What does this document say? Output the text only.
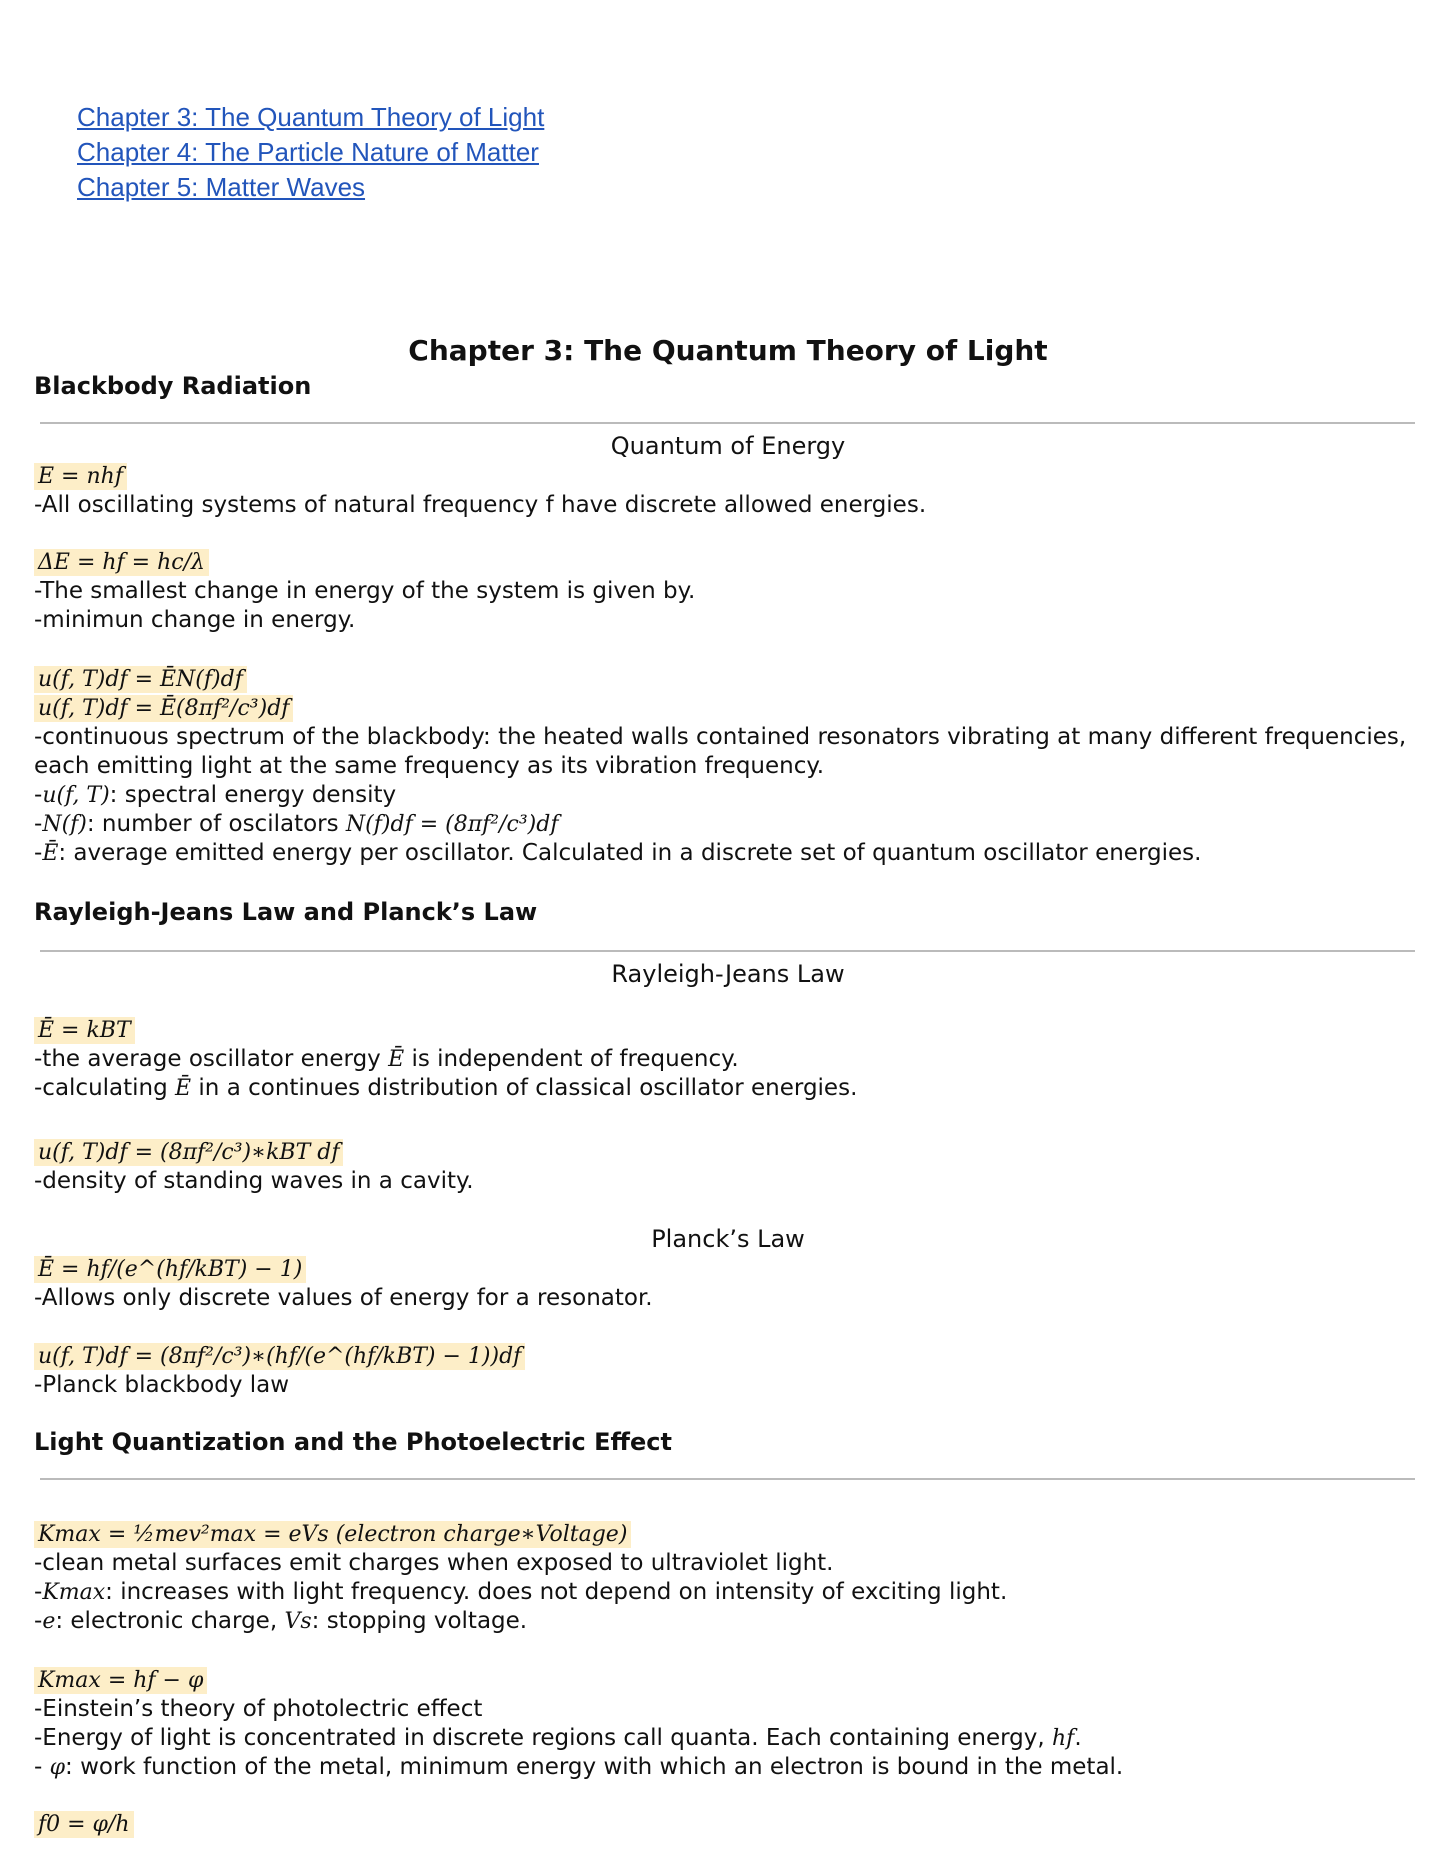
Chapter 3: The Quantum Theory of Light
Chapter 4: The Particle Nature of Matter
Chapter 5: Matter Waves
Chapter 3: The Quantum Theory of Light
Blackbody Radiation
Quantum of Energy
E = nhf
-All oscillating systems of natural frequency f have discrete allowed energies.
ΔE = hf = hc/λ
-The smallest change in energy of the system is given by.
-minimun change in energy.
u(f, T)df = ĒN(f)df
u(f, T)df = Ē(8πf²/c³)df
-continuous spectrum of the blackbody: the heated walls contained resonators vibrating at many different frequencies, each emitting light at the same frequency as its vibration frequency.
-u(f, T): spectral energy density
-N(f): number of oscilators N(f)df = (8πf²/c³)df
-Ē: average emitted energy per oscillator. Calculated in a discrete set of quantum oscillator energies.
Rayleigh-Jeans Law and Planck’s Law
Rayleigh-Jeans Law
Ē = kBT
-the average oscillator energy Ē is independent of frequency.
-calculating Ē in a continues distribution of classical oscillator energies.
u(f, T)df = (8πf²/c³)∗kBT df
-density of standing waves in a cavity.
Planck’s Law
Ē = hf/(e^(hf/kBT) − 1)
-Allows only discrete values of energy for a resonator.
u(f, T)df = (8πf²/c³)∗(hf/(e^(hf/kBT) − 1))df
-Planck blackbody law
Light Quantization and the Photoelectric Effect
Kmax = ½mev²max = eVs (electron charge∗Voltage)
-clean metal surfaces emit charges when exposed to ultraviolet light.
-Kmax: increases with light frequency. does not depend on intensity of exciting light.
-e: electronic charge, Vs: stopping voltage.
Kmax = hf − φ
-Einstein’s theory of photolectric effect
-Energy of light is concentrated in discrete regions call quanta. Each containing energy, hf.
- φ: work function of the metal, minimum energy with which an electron is bound in the metal.
f0 = φ/h
